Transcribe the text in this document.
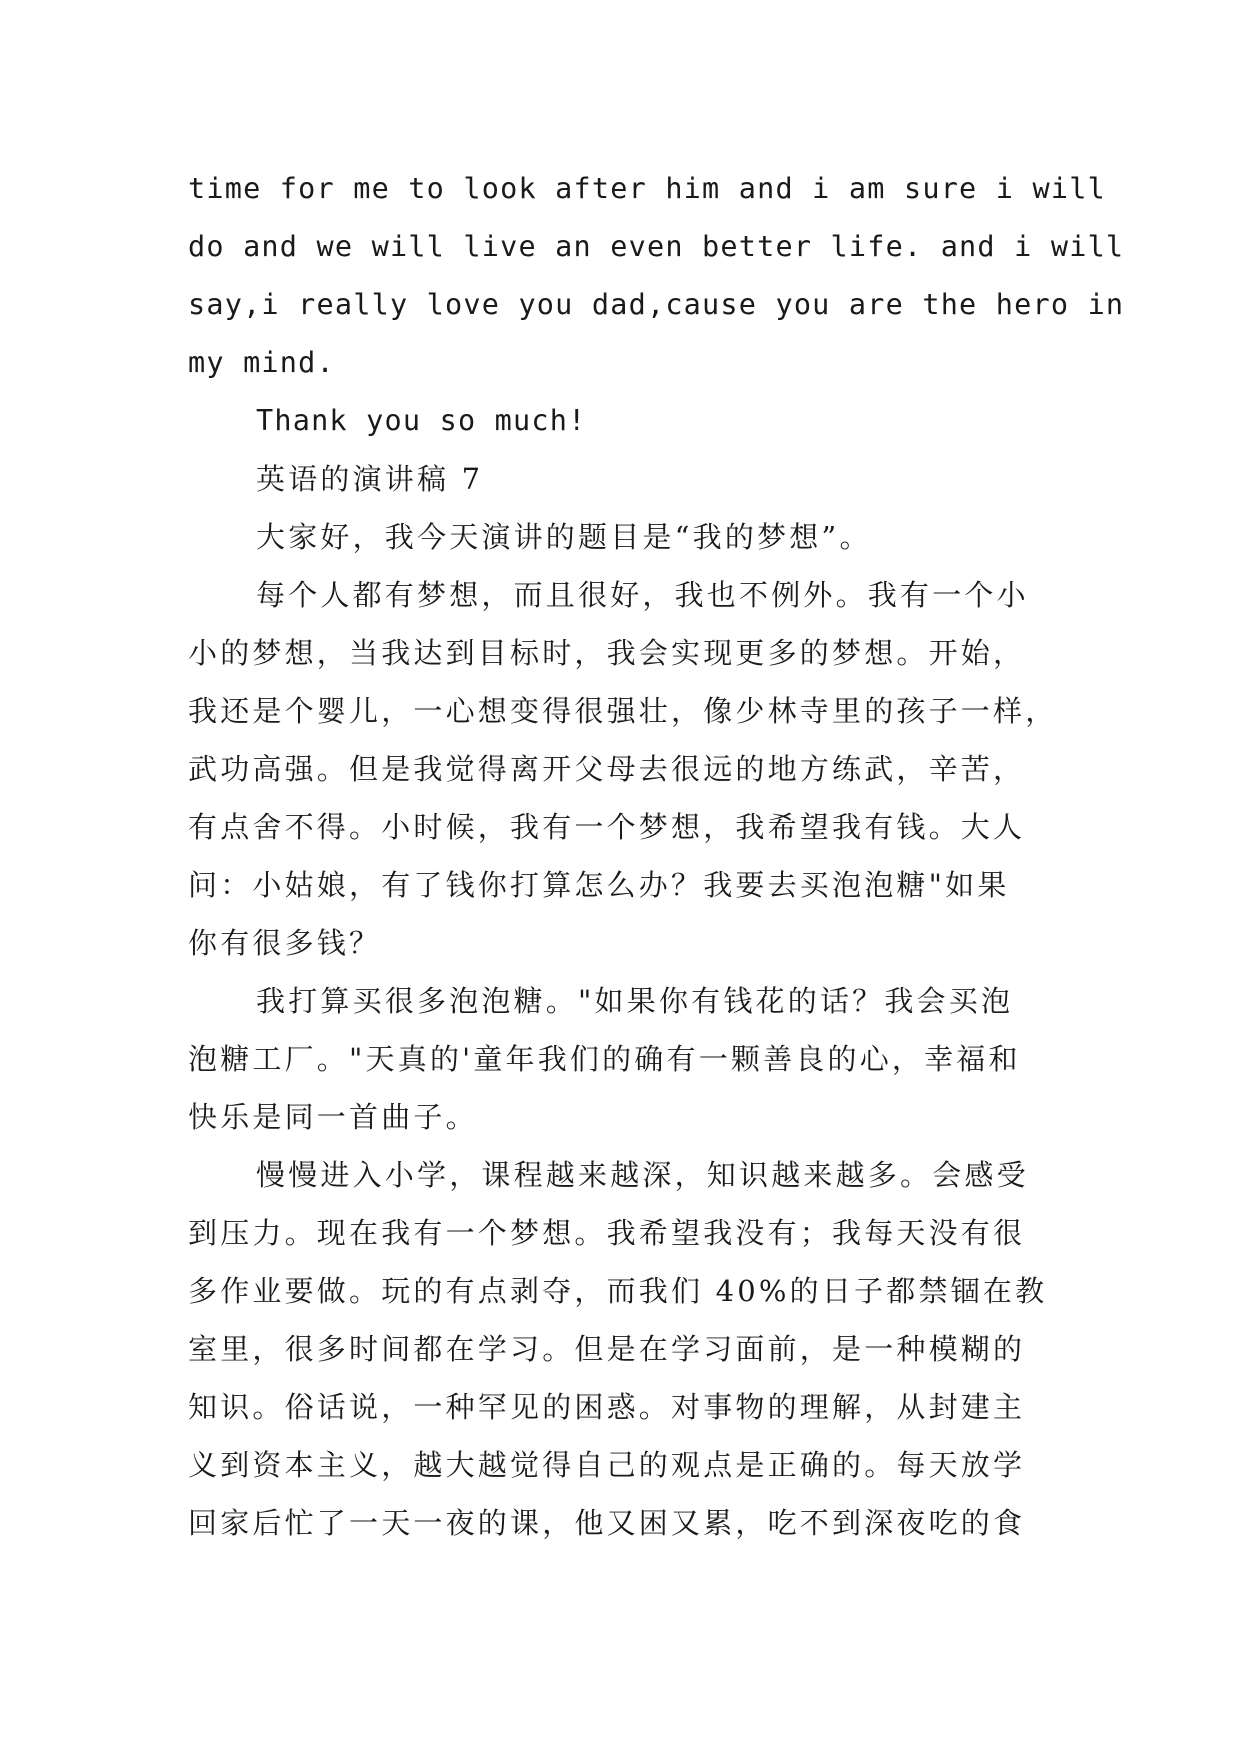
time for me to look after him and i am sure i will
do and we will live an even better life. and i will
say,i really love you dad,cause you are the hero in
my mind.
Thank you so much!
英语的演讲稿 7
大家好，我今天演讲的题目是“我的梦想”。
每个人都有梦想，而且很好，我也不例外。我有一个小
小的梦想，当我达到目标时，我会实现更多的梦想。开始，
我还是个婴儿，一心想变得很强壮，像少林寺里的孩子一样，
武功高强。但是我觉得离开父母去很远的地方练武，辛苦，
有点舍不得。小时候，我有一个梦想，我希望我有钱。大人
问：小姑娘，有了钱你打算怎么办？我要去买泡泡糖"如果
你有很多钱？
我打算买很多泡泡糖。"如果你有钱花的话？我会买泡
泡糖工厂。"天真的'童年我们的确有一颗善良的心，幸福和
快乐是同一首曲子。
慢慢进入小学，课程越来越深，知识越来越多。会感受
到压力。现在我有一个梦想。我希望我没有；我每天没有很
多作业要做。玩的有点剥夺，而我们 40%的日子都禁锢在教
室里，很多时间都在学习。但是在学习面前，是一种模糊的
知识。俗话说，一种罕见的困惑。对事物的理解，从封建主
义到资本主义，越大越觉得自己的观点是正确的。每天放学
回家后忙了一天一夜的课，他又困又累，吃不到深夜吃的食
